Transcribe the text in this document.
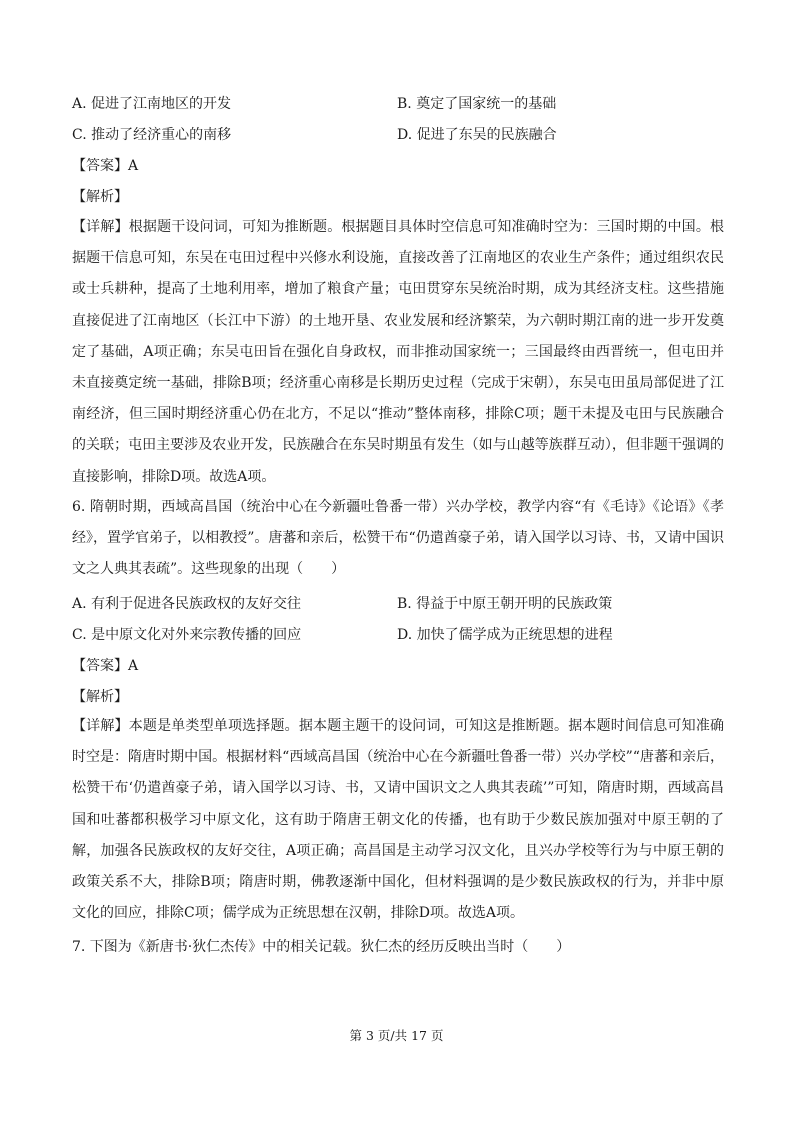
A. 促进了江南地区的开发	B. 奠定了国家统一的基础
C. 推动了经济重心的南移	D. 促进了东吴的民族融合
【答案】A
【解析】
【详解】根据题干设问词，可知为推断题。根据题目具体时空信息可知准确时空为：三国时期的中国。根据题干信息可知，东吴在屯田过程中兴修水利设施，直接改善了江南地区的农业生产条件；通过组织农民或士兵耕种，提高了土地利用率，增加了粮食产量；屯田贯穿东吴统治时期，成为其经济支柱。这些措施直接促进了江南地区（长江中下游）的土地开垦、农业发展和经济繁荣，为六朝时期江南的进一步开发奠定了基础，A项正确；东吴屯田旨在强化自身政权，而非推动国家统一；三国最终由西晋统一，但屯田并未直接奠定统一基础，排除B项；经济重心南移是长期历史过程（完成于宋朝），东吴屯田虽局部促进了江南经济，但三国时期经济重心仍在北方，不足以“推动”整体南移，排除C项；题干未提及屯田与民族融合的关联；屯田主要涉及农业开发，民族融合在东吴时期虽有发生（如与山越等族群互动），但非题干强调的直接影响，排除D项。故选A项。
6. 隋朝时期，西域高昌国（统治中心在今新疆吐鲁番一带）兴办学校，教学内容“有《毛诗》《论语》《孝经》，置学官弟子，以相教授”。唐蕃和亲后，松赞干布“仍遣酋豪子弟，请入国学以习诗、书，又请中国识文之人典其表疏”。这些现象的出现（　　）
A. 有利于促进各民族政权的友好交往	B. 得益于中原王朝开明的民族政策
C. 是中原文化对外来宗教传播的回应	D. 加快了儒学成为正统思想的进程
【答案】A
【解析】
【详解】本题是单类型单项选择题。据本题主题干的设问词，可知这是推断题。据本题时间信息可知准确时空是：隋唐时期中国。根据材料“西域高昌国（统治中心在今新疆吐鲁番一带）兴办学校”“唐蕃和亲后，松赞干布‘仍遣酋豪子弟，请入国学以习诗、书，又请中国识文之人典其表疏’”可知，隋唐时期，西域高昌国和吐蕃都积极学习中原文化，这有助于隋唐王朝文化的传播，也有助于少数民族加强对中原王朝的了解，加强各民族政权的友好交往，A项正确；高昌国是主动学习汉文化，且兴办学校等行为与中原王朝的政策关系不大，排除B项；隋唐时期，佛教逐渐中国化，但材料强调的是少数民族政权的行为，并非中原文化的回应，排除C项；儒学成为正统思想在汉朝，排除D项。故选A项。
7. 下图为《新唐书·狄仁杰传》中的相关记载。狄仁杰的经历反映出当时（　　）
第 3 页/共 17 页
